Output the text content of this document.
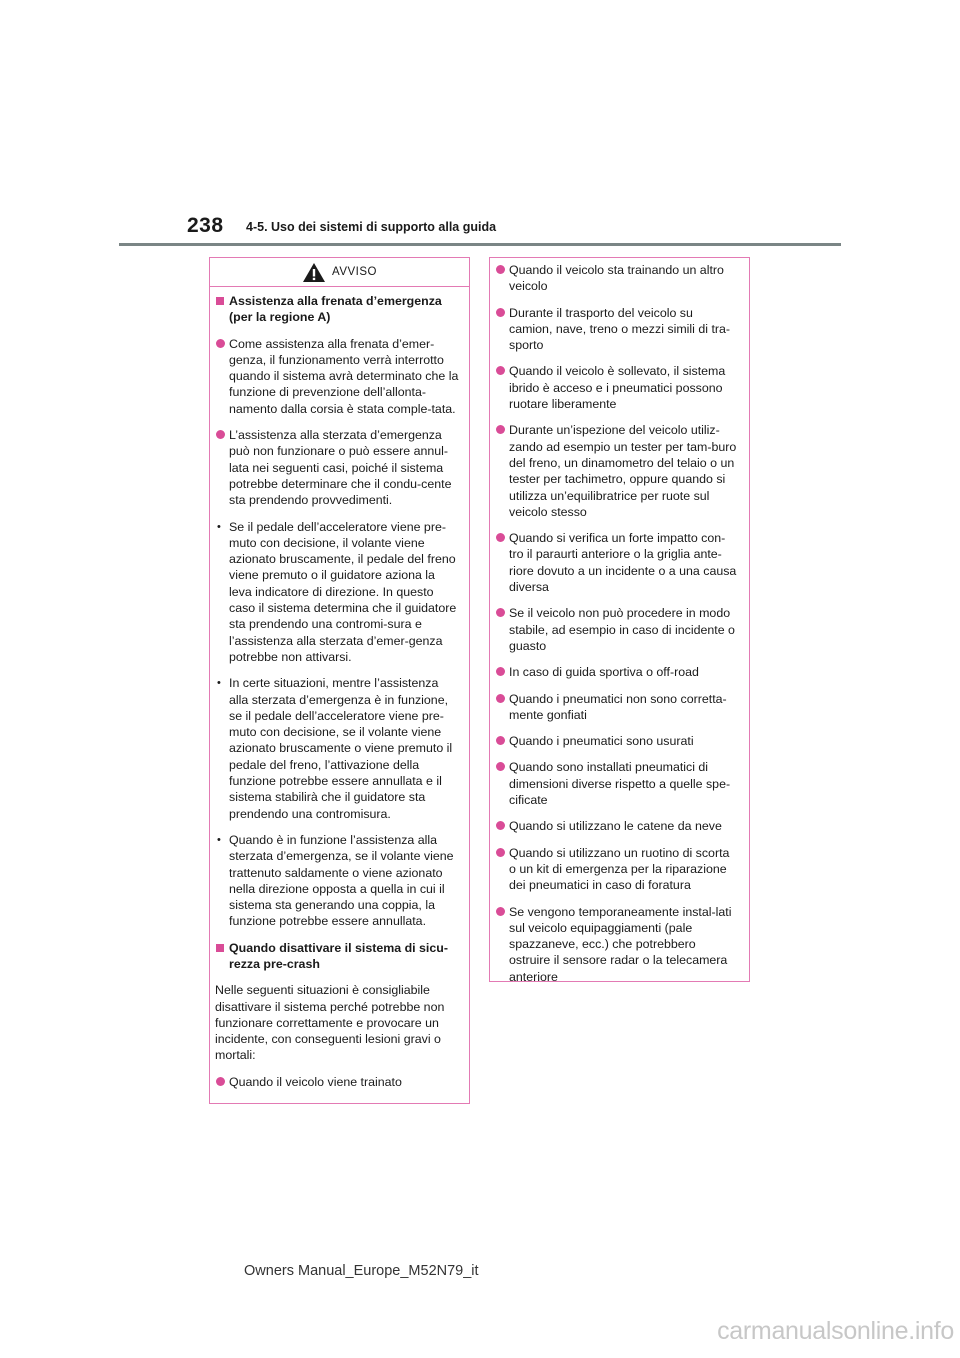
238 4-5. Uso dei sistemi di supporto alla guida
AVVISO
Assistenza alla frenata d’emergenza (per la regione A)
Come assistenza alla frenata d’emer-genza, il funzionamento verrà interrotto quando il sistema avrà determinato che la funzione di prevenzione dell’allonta-namento dalla corsia è stata comple-tata.
L’assistenza alla sterzata d’emergenza può non funzionare o può essere annul-lata nei seguenti casi, poiché il sistema potrebbe determinare che il condu-cente sta prendendo provvedimenti.
• Se il pedale dell’acceleratore viene pre-muto con decisione, il volante viene azionato bruscamente, il pedale del freno viene premuto o il guidatore aziona la leva indicatore di direzione. In questo caso il sistema determina che il guidatore sta prendendo una contromi-sura e l’assistenza alla sterzata d’emer-genza potrebbe non attivarsi.
• In certe situazioni, mentre l’assistenza alla sterzata d’emergenza è in funzione, se il pedale dell’acceleratore viene pre-muto con decisione, se il volante viene azionato bruscamente o viene premuto il pedale del freno, l’attivazione della funzione potrebbe essere annullata e il sistema stabilirà che il guidatore sta prendendo una contromisura.
• Quando è in funzione l’assistenza alla sterzata d’emergenza, se il volante viene trattenuto saldamente o viene azionato nella direzione opposta a quella in cui il sistema sta generando una coppia, la funzione potrebbe essere annullata.
Quando disattivare il sistema di sicu-rezza pre-crash
Nelle seguenti situazioni è consigliabile disattivare il sistema perché potrebbe non funzionare correttamente e provocare un incidente, con conseguenti lesioni gravi o mortali:
Quando il veicolo viene trainato
Quando il veicolo sta trainando un altro veicolo
Durante il trasporto del veicolo su camion, nave, treno o mezzi simili di tra-sporto
Quando il veicolo è sollevato, il sistema ibrido è acceso e i pneumatici possono ruotare liberamente
Durante un’ispezione del veicolo utiliz-zando ad esempio un tester per tam-buro del freno, un dinamometro del telaio o un tester per tachimetro, oppure quando si utilizza un’equilibratrice per ruote sul veicolo stesso
Quando si verifica un forte impatto con-tro il paraurti anteriore o la griglia ante-riore dovuto a un incidente o a una causa diversa
Se il veicolo non può procedere in modo stabile, ad esempio in caso di incidente o guasto
In caso di guida sportiva o off-road
Quando i pneumatici non sono corretta-mente gonfiati
Quando i pneumatici sono usurati
Quando sono installati pneumatici di dimensioni diverse rispetto a quelle spe-cificate
Quando si utilizzano le catene da neve
Quando si utilizzano un ruotino di scorta o un kit di emergenza per la riparazione dei pneumatici in caso di foratura
Se vengono temporaneamente instal-lati sul veicolo equipaggiamenti (pale spazzaneve, ecc.) che potrebbero ostruire il sensore radar o la telecamera anteriore
Owners Manual_Europe_M52N79_it
carmanualsonline.info
